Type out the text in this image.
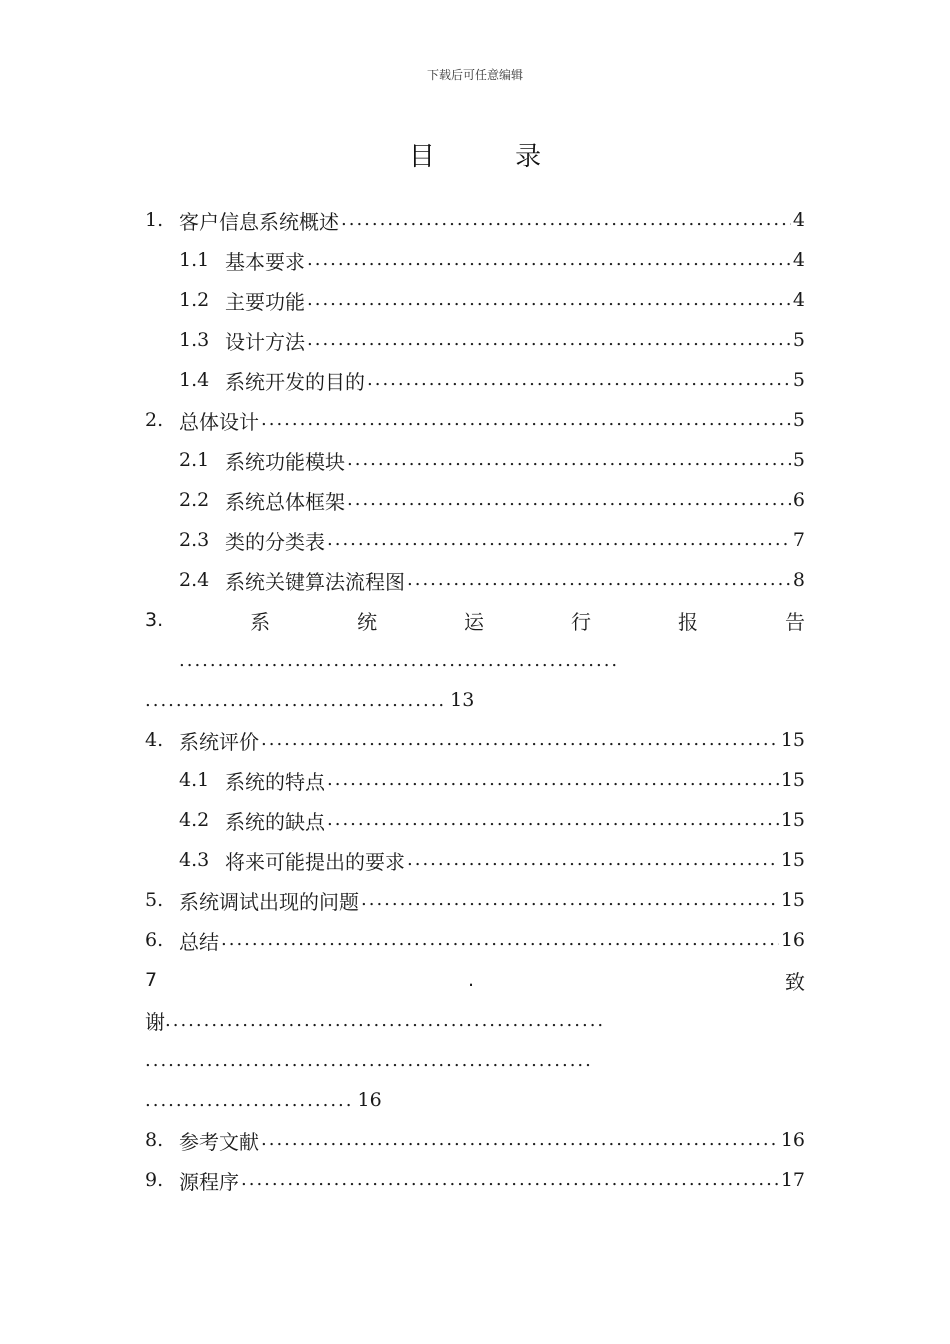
下载后可任意编辑
目 录
1. 客户信息系统概述 .....	4
1.1 基本要求 .....	4
1.2 主要功能 .....	4
1.3 设计方法 .....	5
1.4 系统开发的目的 .....	5
2. 总体设计 .....	5
2.1 系统功能模块 .....	5
2.2 系统总体框架 .....	6
2.3 类的分类表 .....	7
2.4 系统关键算法流程图 .....	8
3.	系	统	运	行	报	告
.........................................................
....................................... 13
4. 系统评价 .....	15
4.1 系统的特点 .....	15
4.2 系统的缺点 .....	15
4.3 将来可能提出的要求 .....	15
5. 系统调试出现的问题 .....	15
6. 总结 .....	16
7	.	致
谢 .........................................................
..........................................................
........................... 16
8. 参考文献 .....	16
9. 源程序 .....	17
